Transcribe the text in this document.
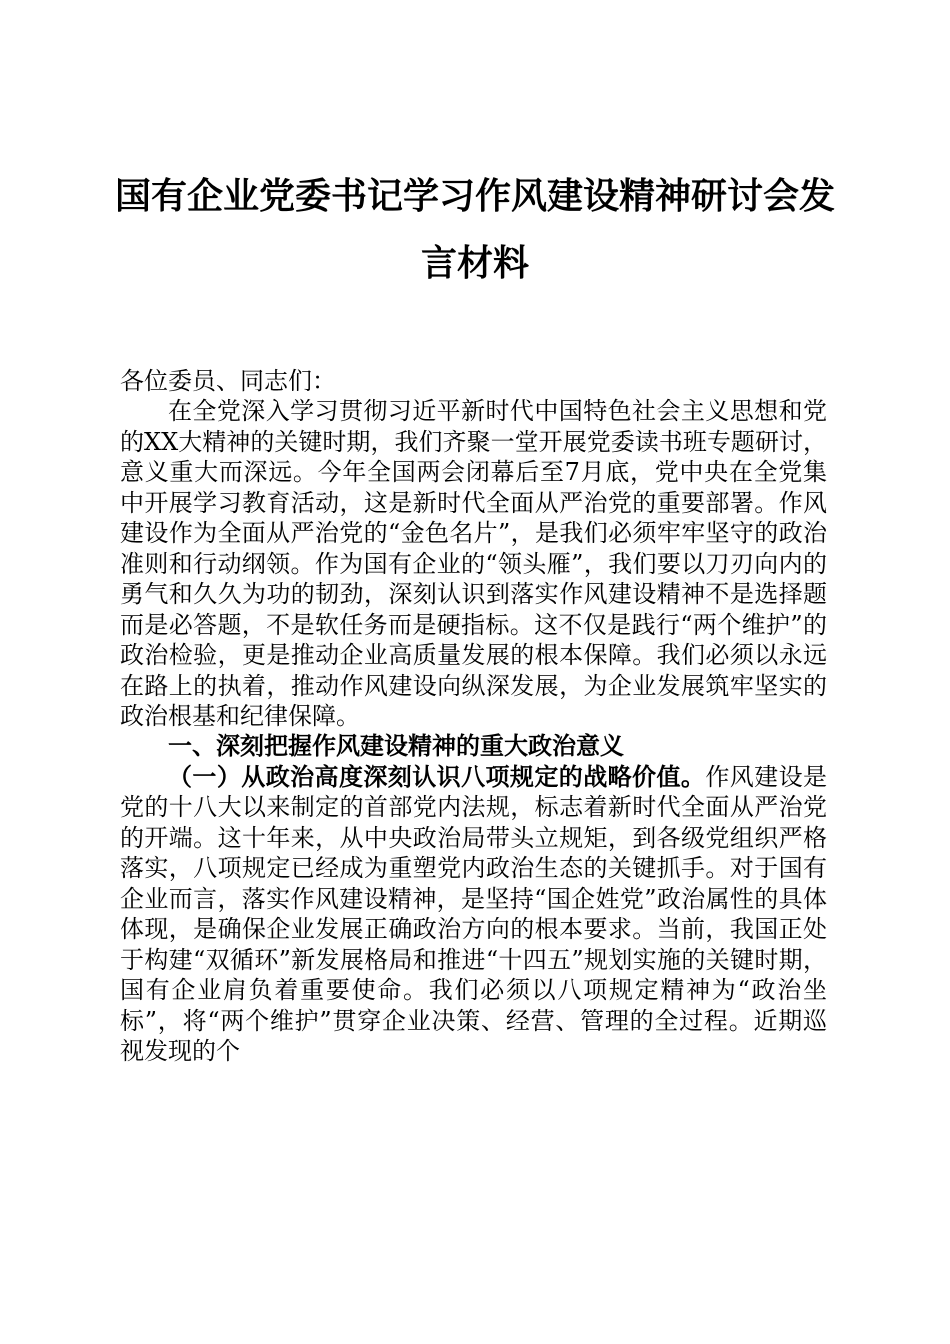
国有企业党委书记学习作风建设精神研讨会发
言材料

各位委员、同志们：

在全党深入学习贯彻习近平新时代中国特色社会主义思想和党的XX大精神的关键时期，我们齐聚一堂开展党委读书班专题研讨，意义重大而深远。今年全国两会闭幕后至7月底，党中央在全党集中开展学习教育活动，这是新时代全面从严治党的重要部署。作风建设作为全面从严治党的“金色名片”，是我们必须牢牢坚守的政治准则和行动纲领。作为国有企业的“领头雁”，我们要以刀刃向内的勇气和久久为功的韧劲，深刻认识到落实作风建设精神不是选择题而是必答题，不是软任务而是硬指标。这不仅是践行“两个维护”的政治检验，更是推动企业高质量发展的根本保障。我们必须以永远在路上的执着，推动作风建设向纵深发展，为企业发展筑牢坚实的政治根基和纪律保障。

一、深刻把握作风建设精神的重大政治意义

（一）从政治高度深刻认识八项规定的战略价值。作风建设是党的十八大以来制定的首部党内法规，标志着新时代全面从严治党的开端。这十年来，从中央政治局带头立规矩，到各级党组织严格落实，八项规定已经成为重塑党内政治生态的关键抓手。对于国有企业而言，落实作风建设精神，是坚持“国企姓党”政治属性的具体体现，是确保企业发展正确政治方向的根本要求。当前，我国正处于构建“双循环”新发展格局和推进“十四五”规划实施的关键时期，国有企业肩负着重要使命。我们必须以八项规定精神为“政治坐标”，将“两个维护”贯穿企业决策、经营、管理的全过程。近期巡视发现的个
